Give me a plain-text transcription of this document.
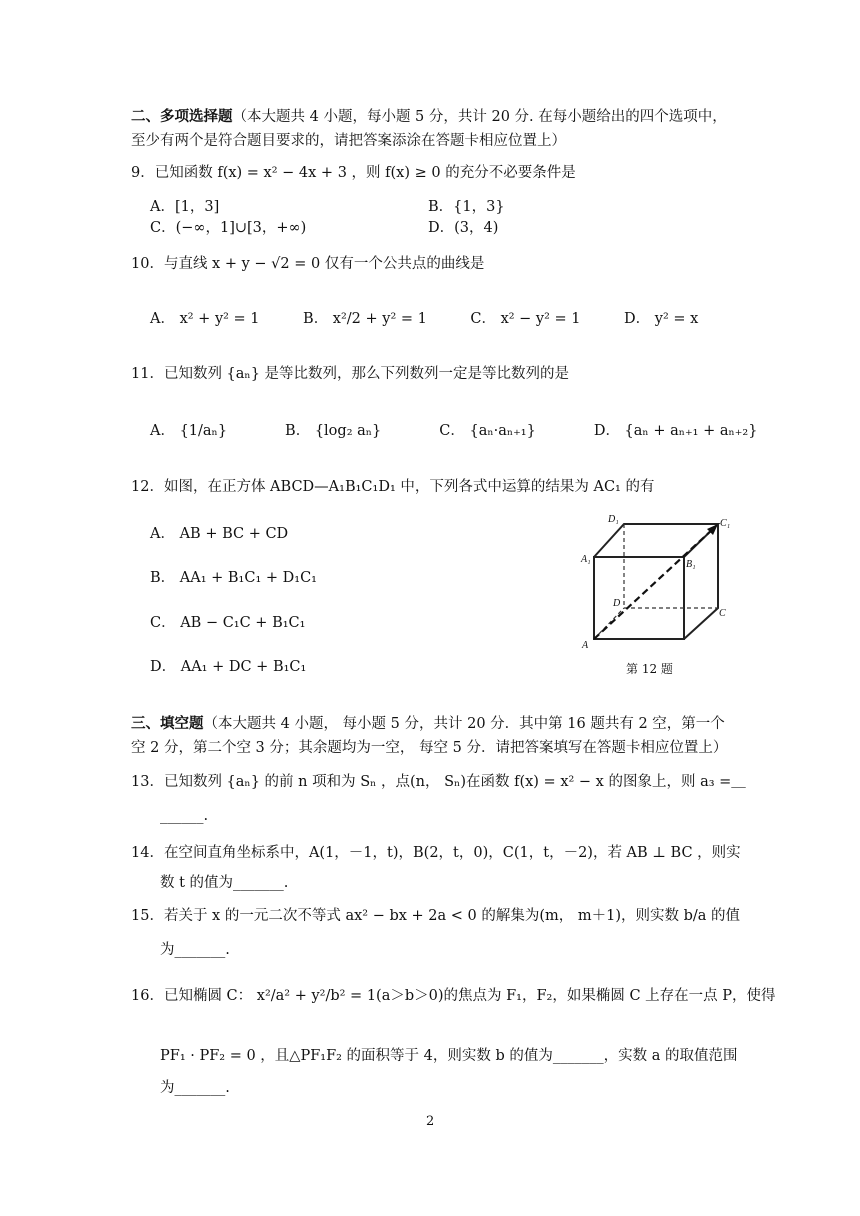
二、多项选择题（本大题共 4 小题，每小题 5 分，共计 20 分. 在每小题给出的四个选项中，
至少有两个是符合题目要求的，请把答案添涂在答题卡相应位置上）
9．已知函数 f(x) = x² − 4x + 3 ，则 f(x) ≥ 0 的充分不必要条件是
A．[1，3]	B．{1，3}
C．(−∞，1]∪[3，+∞)	D．(3，4)
10．与直线 x + y − √2 = 0 仅有一个公共点的曲线是
A． x² + y² = 1　　　B． x²/2 + y² = 1　　　C． x² − y² = 1　　　D． y² = x
11．已知数列 {aₙ} 是等比数列，那么下列数列一定是等比数列的是
A． {1/aₙ}　　　　B． {log₂ aₙ}　　　　C． {aₙ·aₙ₊₁}　　　　D． {aₙ + aₙ₊₁ + aₙ₊₂}
12．如图，在正方体 ABCD—A₁B₁C₁D₁ 中，下列各式中运算的结果为 AC₁ 的有
A． AB + BC + CD
B． AA₁ + B₁C₁ + D₁C₁
C． AB − C₁C + B₁C₁
D． AA₁ + DC + B₁C₁
D₁	C₁
A₁	B₁
D
C
A
第 12 题
三、填空题（本大题共 4 小题， 每小题 5 分，共计 20 分．其中第 16 题共有 2 空，第一个
空 2 分，第二个空 3 分；其余题均为一空， 每空 5 分．请把答案填写在答题卡相应位置上）
13．已知数列 {aₙ} 的前 n 项和为 Sₙ ，点(n， Sₙ)在函数 f(x) = x² − x 的图象上，则 a₃ =＿
______.
14．在空间直角坐标系中，A(1，－1，t)，B(2，t，0)，C(1，t，－2)，若 AB ⊥ BC ，则实
数 t 的值为_______.
15．若关于 x 的一元二次不等式 ax² − bx + 2a < 0 的解集为(m， m＋1)，则实数 b/a 的值
为_______.
16．已知椭圆 C： x²/a² + y²/b² = 1(a＞b＞0)的焦点为 F₁，F₂，如果椭圆 C 上存在一点 P，使得
PF₁ · PF₂ = 0 ，且△PF₁F₂ 的面积等于 4，则实数 b 的值为_______，实数 a 的取值范围
为_______.
2
